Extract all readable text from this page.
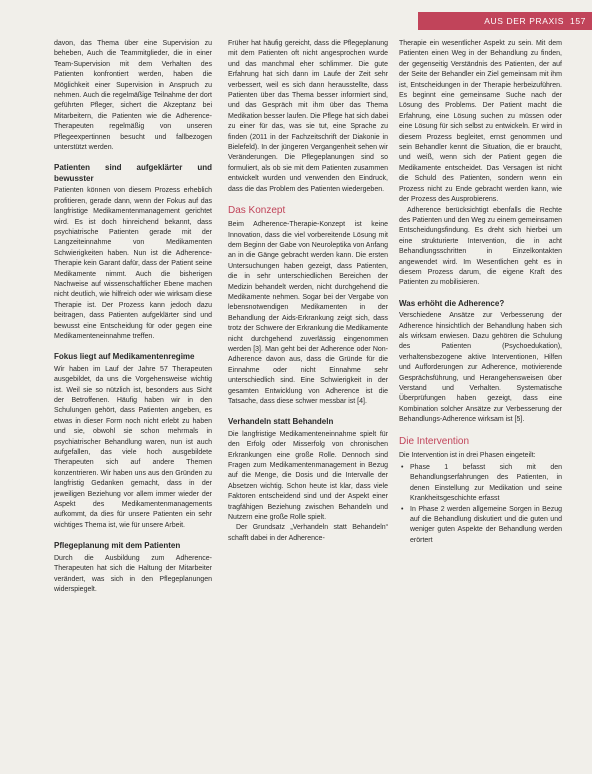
AUS DER PRAXIS 157

davon, das Thema über eine Supervision zu beheben, Auch die Teammitglieder, die in einer Team-Supervision mit dem Verhalten des Patienten konfrontiert werden, haben die Möglichkeit einer Supervision in Anspruch zu nehmen. Auch die regelmäßige Teilnahme der dort geführten Pfleger, sichert die Akzeptanz bei Mitarbeitern, die Patienten wie die Adherence-Therapeuten regelmäßig von unseren Pflegeexpertinnen besucht und fallbezogen unterstützt werden.

Patienten sind aufgeklärter und bewusster

Patienten können von diesem Prozess erheblich profitieren, gerade dann, wenn der Fokus auf das langfristige Medikamentenmanagement gerichtet wird. Es ist doch hinreichend bekannt, dass psychiatrische Patienten gerade mit der Langzeiteinnahme von Medikamenten Schwierigkeiten haben. Nun ist die Adherence-Therapie kein Garant dafür, dass der Patient seine Medikamente nimmt. Auch die bisherigen Nachweise auf wissenschaftlicher Ebene machen nicht deutlich, wie hilfreich oder wie wirksam diese Therapie ist. Der Prozess kann jedoch dazu beitragen, dass Patienten aufgeklärter sind und bewusst eine Entscheidung für oder gegen eine Medikamenteneinnahme treffen.

Fokus liegt auf Medikamentenregime

Wir haben im Lauf der Jahre 57 Therapeuten ausgebildet, da uns die Vorgehensweise wichtig ist. Weil sie so nützlich ist, besonders aus Sicht der Betroffenen. Häufig haben wir in den Schulungen gehört, dass Patienten angeben, es etwas in dieser Form noch nicht erlebt zu haben und sie, obwohl sie schon mehrmals in psychiatrischer Behandlung waren, nun ist auch aufgefallen, das viele hoch ausgebildete Therapeuten sich auf andere Themen konzentrieren. Wir haben uns aus den Gründen zu langfristig Gedanken gemacht, dass in der jeweiligen Beziehung vor allem immer wieder der Aspekt des Medikamentenmanagements aufkommt, da dies für unsere Patienten ein sehr wichtiges Thema ist, wie für unsere Arbeit.

Pflegeplanung mit dem Patienten

Durch die Ausbildung zum Adherence-Therapeuten hat sich die Haltung der Mitarbeiter verändert, was sich in den Pflegeplanungen widerspiegelt.

Früher hat häufig gereicht, dass die Pflegeplanung mit dem Patienten oft nicht angesprochen wurde und das manchmal eher schlimmer. Die gute Erfahrung hat sich dann im Laufe der Zeit sehr verbessert, weil es sich dann herausstellte, dass Patienten über das Thema besser informiert sind, und das Gespräch mit ihm über das Thema Medikation besser laufen. Die Pflege hat sich dabei zu einer für das, was sie tut, eine Sprache zu finden (2011 in der Fachzeitschrift der Diakonie in Bielefeld). In der jüngeren Vergangenheit sehen wir Veränderungen. Die Pflegeplanungen sind so formuliert, als ob sie mit dem Patienten zusammen entwickelt wurden und verwenden den Eindruck, dass die das Problem des Patienten wiedergeben.

Das Konzept

Beim Adherence-Therapie-Konzept ist keine Innovation, dass die viel vorbereitende Lösung mit dem Beginn der Gabe von Neuroleptika von Anfang an in die Gänge gebracht werden kann. Die ersten Untersuchungen haben gezeigt, dass Patienten, die in sehr unterschiedlichen Bereichen der Medizin behandelt werden, nicht durchgehend die Medikamente nehmen. Sogar bei der Vergabe von lebensnotwendigen Medikamenten in der Behandlung der Aids-Erkrankung zeigt sich, dass trotz der Schwere der Erkrankung die Medikamente nicht durchgehend zuverlässig eingenommen werden [3]. Man geht bei der Adherence oder Non-Adherence davon aus, dass die Gründe für die Einnahme oder nicht Einnahme sehr unterschiedlich sind. Eine Schwierigkeit in der gesamten Entwicklung von Adherence ist die Tatsache, dass diese schwer messbar ist [4].

Verhandeln statt Behandeln

Die langfristige Medikamenteneinnahme spielt für den Erfolg oder Misserfolg von chronischen Erkrankungen eine große Rolle. Dennoch sind Fragen zum Medikamentenmanagement in Bezug auf die Menge, die Dosis und die Intervalle der Absetzen wichtig. Schon heute ist klar, dass viele Faktoren entscheidend sind und der Aspekt einer tragfähigen Beziehung zwischen Behandeln und Nutzern eine große Rolle spielt.

Der Grundsatz „Verhandeln statt Behandeln“ schafft dabei in der Adherence-

Therapie ein wesentlicher Aspekt zu sein. Mit dem Patienten einen Weg in der Behandlung zu finden, der gegenseitig Verständnis des Patienten, der auf der Seite der Behandler ein Ziel gemeinsam mit ihm ist, Entscheidungen in der Therapie herbeizuführen. Es beginnt eine gemeinsame Suche nach der Lösung des Problems. Der Patient macht die Erfahrung, eine Lösung suchen zu müssen oder eine Lösung für sich selbst zu entwickeln. Er wird in diesem Prozess begleitet, ernst genommen und sein Behandler kennt die Situation, die er braucht, und weiß, wenn sich der Patient gegen die Medikamente entscheidet. Das Versagen ist nicht die Schuld des Patienten, sondern wenn ein Prozess nicht zu Ende gebracht werden kann, wie der Prozess des Ausprobierens.

Adherence berücksichtigt ebenfalls die Rechte des Patienten und den Weg zu einem gemeinsamen Entscheidungsfindung. Es dreht sich hierbei um eine strukturierte Intervention, die in acht Behandlungsschritten in Einzelkontakten angewendet wird. Im Wesentlichen geht es in diesem Prozess darum, die eigene Kraft des Patienten zu mobilisieren.

Was erhöht die Adherence?

Verschiedene Ansätze zur Verbesserung der Adherence hinsichtlich der Behandlung haben sich als wirksam erwiesen. Dazu gehören die Schulung des Patienten (Psychoedukation), verhaltensbezogene aktive Interventionen, Hilfen und Aufforderungen zur Adherence, motivierende Gesprächsführung, und Herangehensweisen über Verstand und Verhalten. Systematische Überprüfungen haben gezeigt, dass eine Kombination solcher Ansätze zur Verbesserung der Behandlungs-Adherence wirksam ist [5].

Die Intervention

Die Intervention ist in drei Phasen eingeteilt:

• Phase 1 befasst sich mit den Behandlungserfahrungen des Patienten, in denen Einstellung zur Medikation und seine Krankheitsgeschichte erfasst
• In Phase 2 werden allgemeine Sorgen in Bezug auf die Behandlung diskutiert und die guten und weniger guten Aspekte der Behandlung werden erörtert
